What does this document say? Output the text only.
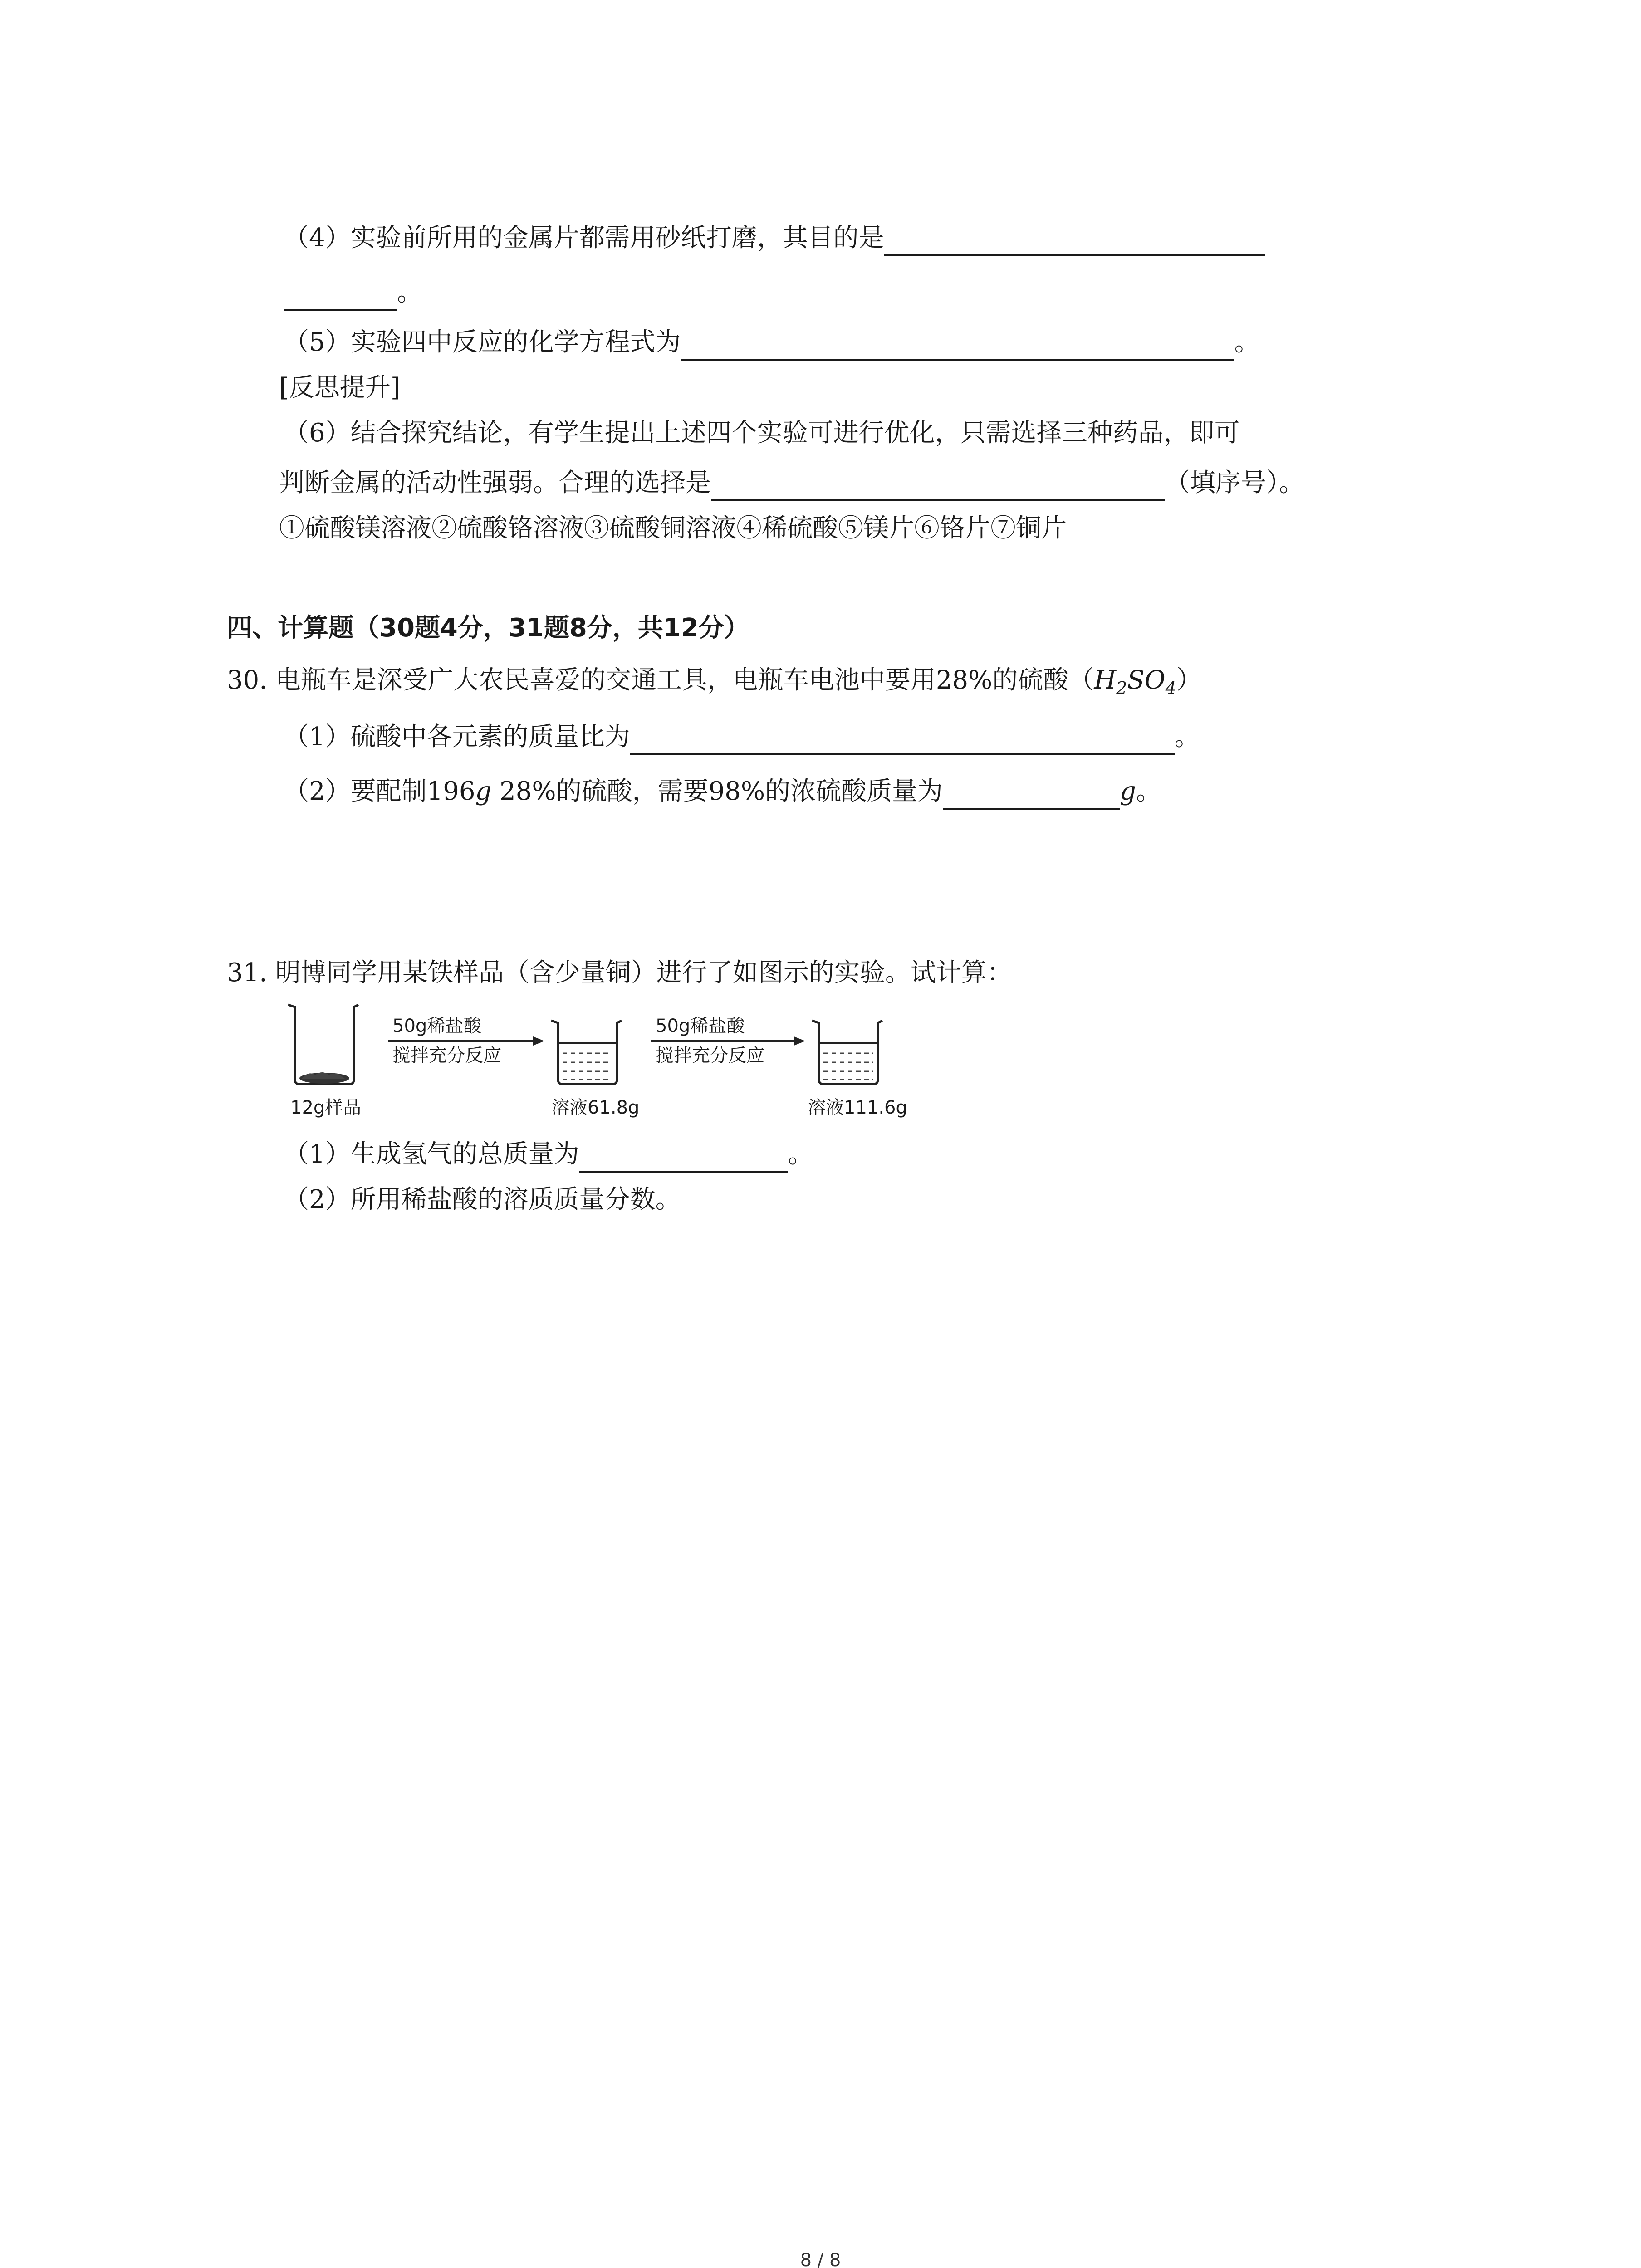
（4）实验前所用的金属片都需用砂纸打磨，其目的是
。
（5）实验四中反应的化学方程式为	。
[反思提升]
（6）结合探究结论，有学生提出上述四个实验可进行优化，只需选择三种药品，即可
判断金属的活动性强弱。合理的选择是	（填序号）。
①硫酸镁溶液②硫酸铬溶液③硫酸铜溶液④稀硫酸⑤镁片⑥铬片⑦铜片
四、计算题（30题4分，31题8分，共12分）
30. 电瓶车是深受广大农民喜爱的交通工具，电瓶车电池中要用28%的硫酸$(H_2SO_4)$
（1）硫酸中各元素的质量比为	。
（2）要配制196g 28%的硫酸，需要98%的浓硫酸质量为	g。
31. 明博同学用某铁样品（含少量铜）进行了如图示的实验。试计算：
12g样品
50g稀盐酸
搅拌充分反应
溶液61.8g
50g稀盐酸
搅拌充分反应
溶液111.6g
（1）生成氢气的总质量为	。
（2）所用稀盐酸的溶质质量分数。
8 / 8
